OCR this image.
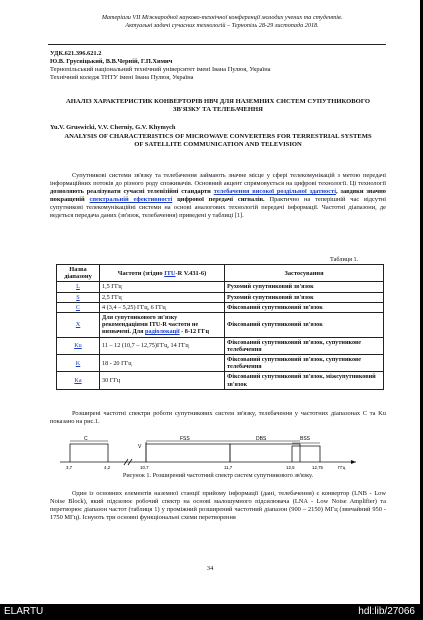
Матеріали VII Міжнародної науково-технічної конференції молодих учених та студентів.
Актуальні задачі сучасних технологій – Тернопіль 28-29 листопада 2018.
УДК.621.396.621.2
Ю.В. Грусвіцький, В.В.Черній, Г.П.Химич
Тернопільський національний технічний університет імені Івана Пулюя, Україна
Технічний коледж ТНТУ імені Івана Пулюя, Україна
АНАЛІЗ ХАРАКТЕРИСТИК КОНВЕРТОРІВ НВЧ ДЛЯ НАЗЕМНИХ СИСТЕМ СУПУТНИКОВОГО ЗВ'ЯЗКУ ТА ТЕЛЕБАЧЕННЯ
Yu.V. Gruswicki, V.V. Cherniy, G.V. Khymych
ANALYSIS OF CHARACTERISTICS OF MICROWAVE CONVERTERS FOR TERRESTRIAL SYSTEMS OF SATELLITE COMMUNICATION AND TELEVISION
Супутникові системи зв'язку та телебачення займають значне місце у сфері телекомунікацій з метою передачі інформаційних потоків до різного роду споживачів. Основний акцент спрямовується на цифрові технології. Ці технології дозволяють реалізувати сучасні телевізійні стандарти телебачення високої роздільної здатності, завдяки значно покращеній спектральній ефективності цифрової передачі сигналів. Практично на теперішній час відсутні супутникові телекомунікаційні системи на основі аналогових технологій передачі інформації. Частотні діапазони, де ведеться передача даних (зв'язок, телебачення) приведені у таблиці [1].
Таблиця 1.
Назва діапазону	Частоти (згідно ITU-R V.431-6)	Застосування
L	1,5 ГГц	Рухомий супутниковий зв'язок
S	2,5 ГГц	Рухомий супутниковий зв'язок
C	4 (3,4 – 5,25) ГГц, 6 ГГц	Фіксований супутниковий зв'язок
X	Для супутникового зв'язку рекомендаціями ITU-R частоти не визначені. Для радіолокації - 8-12 ГГц	Фіксований супутниковий зв'язок
Ku	11 – 12 (10,7 – 12,75)ГГц, 14 ГГц	Фіксований супутниковий зв'язок, супутникове телебачення
K	18 - 20 ГГц	Фіксований супутниковий зв'язок, супутникове телебачення
Ka	30 ГГц	Фіксований супутниковий зв'язок, міжсупутниковий зв'язок
Розширені частотні спектри роботи супутникових систем зв'язку, телебачення у частотних діапазонах С та Ku показано на рис.1.
C
V
FSS	DBS	BSS
3,7	4,2	10,7	11,7	12,5	12,75	ГГц
Рисунок 1. Розширений частотний спектр систем супутникового зв'язку.
Один із основних елементів наземної станції прийому інформації (дані, телебачення) є конвертор (LNB - Low Noise Block), який підсилює робочий спектр на основі малошумного підсилювача (LNA - Low Noise Amplifier) та перетворює діапазон частот (таблиця 1) у проміжний розширений частотний діапазон (900 – 2150) МГц (звичайний 950 - 1750 МГц). Існують три основні функціональні схеми перетворення
34
ELARTU	hdl:lib/27066
